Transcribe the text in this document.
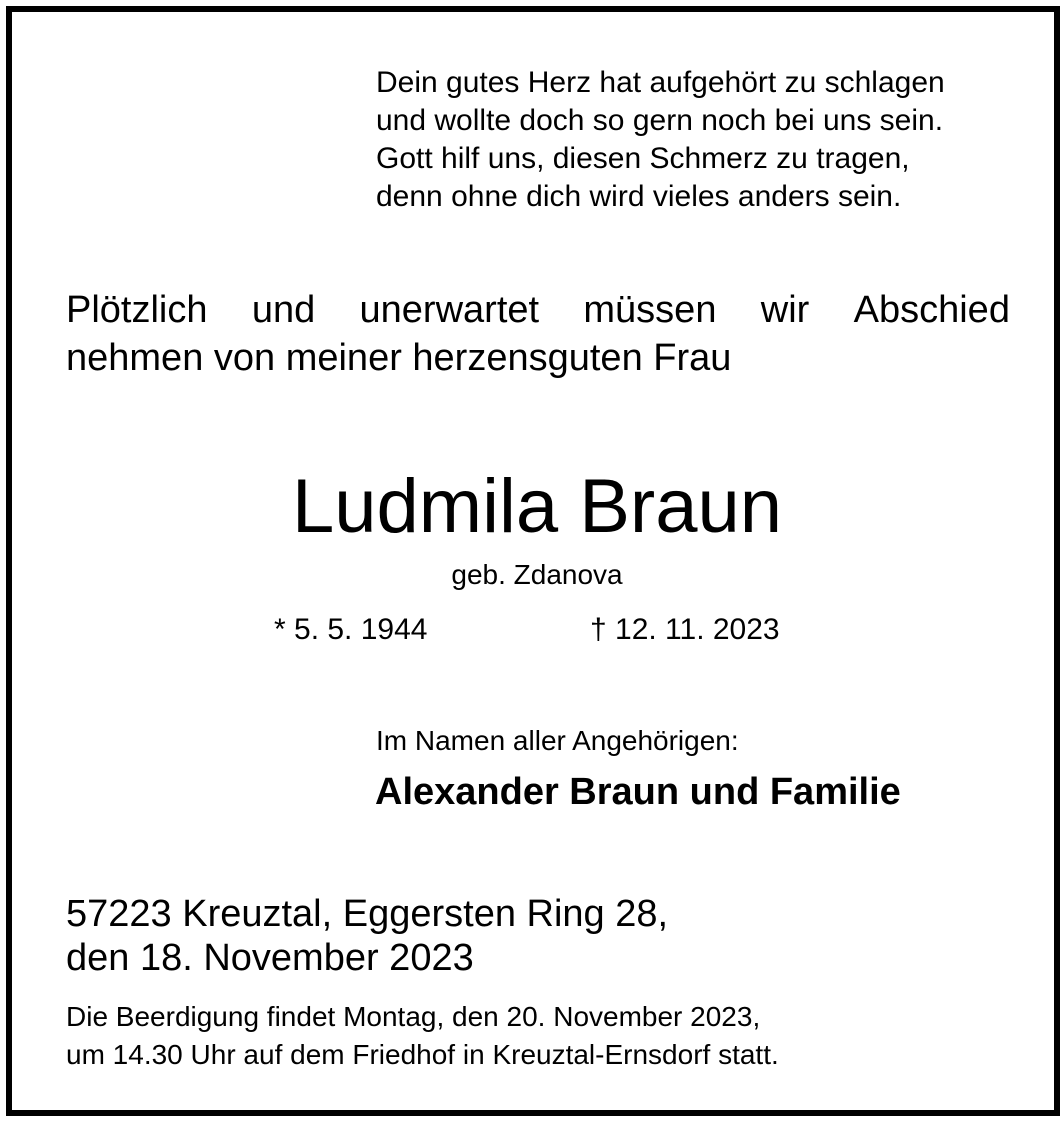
Dein gutes Herz hat aufgehört zu schlagen
und wollte doch so gern noch bei uns sein.
Gott hilf uns, diesen Schmerz zu tragen,
denn ohne dich wird vieles anders sein.
Plötzlich und unerwartet müssen wir Abschied
nehmen von meiner herzensguten Frau
Ludmila Braun
geb. Zdanova
* 5. 5. 1944	† 12. 11. 2023
Im Namen aller Angehörigen:
Alexander Braun und Familie
57223 Kreuztal, Eggersten Ring 28,
den 18. November 2023
Die Beerdigung findet Montag, den 20. November 2023,
um 14.30 Uhr auf dem Friedhof in Kreuztal-Ernsdorf statt.
